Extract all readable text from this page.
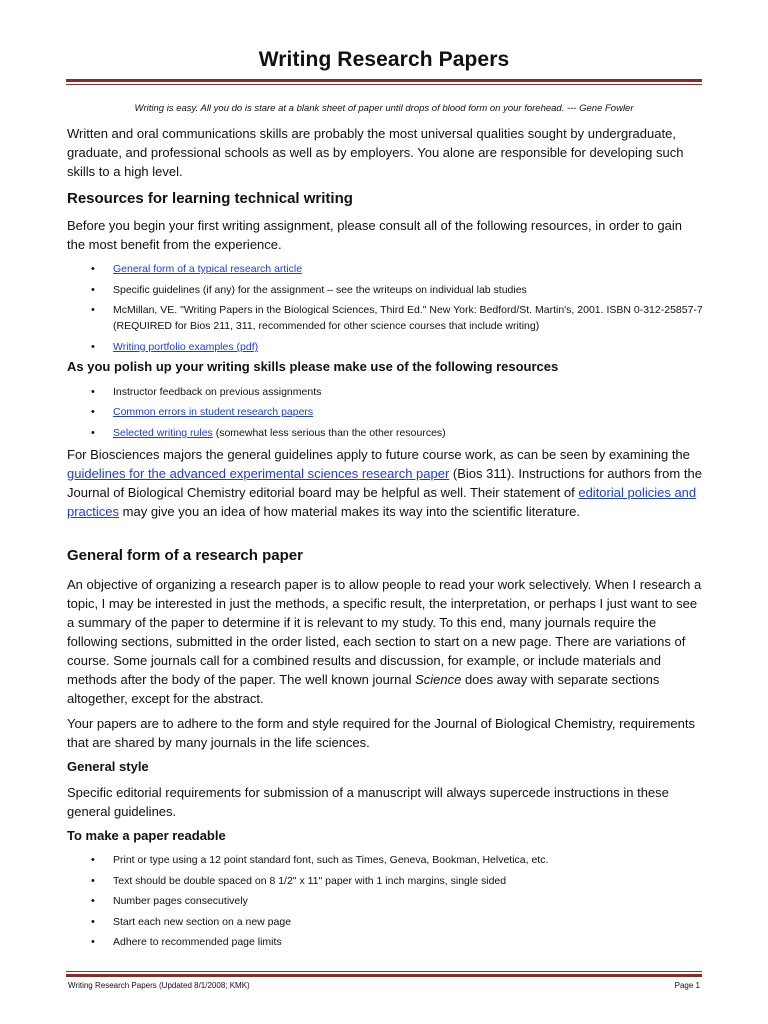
Writing Research Papers
Writing is easy. All you do is stare at a blank sheet of paper until drops of blood form on your forehead. --- Gene Fowler
Written and oral communications skills are probably the most universal qualities sought by undergraduate, graduate, and professional schools as well as by employers. You alone are responsible for developing such skills to a high level.
Resources for learning technical writing
Before you begin your first writing assignment, please consult all of the following resources, in order to gain the most benefit from the experience.
• General form of a typical research article
• Specific guidelines (if any) for the assignment – see the writeups on individual lab studies
• McMillan, VE. "Writing Papers in the Biological Sciences, Third Ed." New York: Bedford/St. Martin's, 2001. ISBN 0-312-25857-7 (REQUIRED for Bios 211, 311, recommended for other science courses that include writing)
• Writing portfolio examples (pdf)
As you polish up your writing skills please make use of the following resources
• Instructor feedback on previous assignments
• Common errors in student research papers
• Selected writing rules (somewhat less serious than the other resources)
For Biosciences majors the general guidelines apply to future course work, as can be seen by examining the guidelines for the advanced experimental sciences research paper (Bios 311). Instructions for authors from the Journal of Biological Chemistry editorial board may be helpful as well. Their statement of editorial policies and practices may give you an idea of how material makes its way into the scientific literature.
General form of a research paper
An objective of organizing a research paper is to allow people to read your work selectively. When I research a topic, I may be interested in just the methods, a specific result, the interpretation, or perhaps I just want to see a summary of the paper to determine if it is relevant to my study. To this end, many journals require the following sections, submitted in the order listed, each section to start on a new page. There are variations of course. Some journals call for a combined results and discussion, for example, or include materials and methods after the body of the paper. The well known journal Science does away with separate sections altogether, except for the abstract.
Your papers are to adhere to the form and style required for the Journal of Biological Chemistry, requirements that are shared by many journals in the life sciences.
General style
Specific editorial requirements for submission of a manuscript will always supercede instructions in these general guidelines.
To make a paper readable
• Print or type using a 12 point standard font, such as Times, Geneva, Bookman, Helvetica, etc.
• Text should be double spaced on 8 1/2" x 11" paper with 1 inch margins, single sided
• Number pages consecutively
• Start each new section on a new page
• Adhere to recommended page limits
Writing Research Papers (Updated 8/1/2008; KMK)	Page 1
